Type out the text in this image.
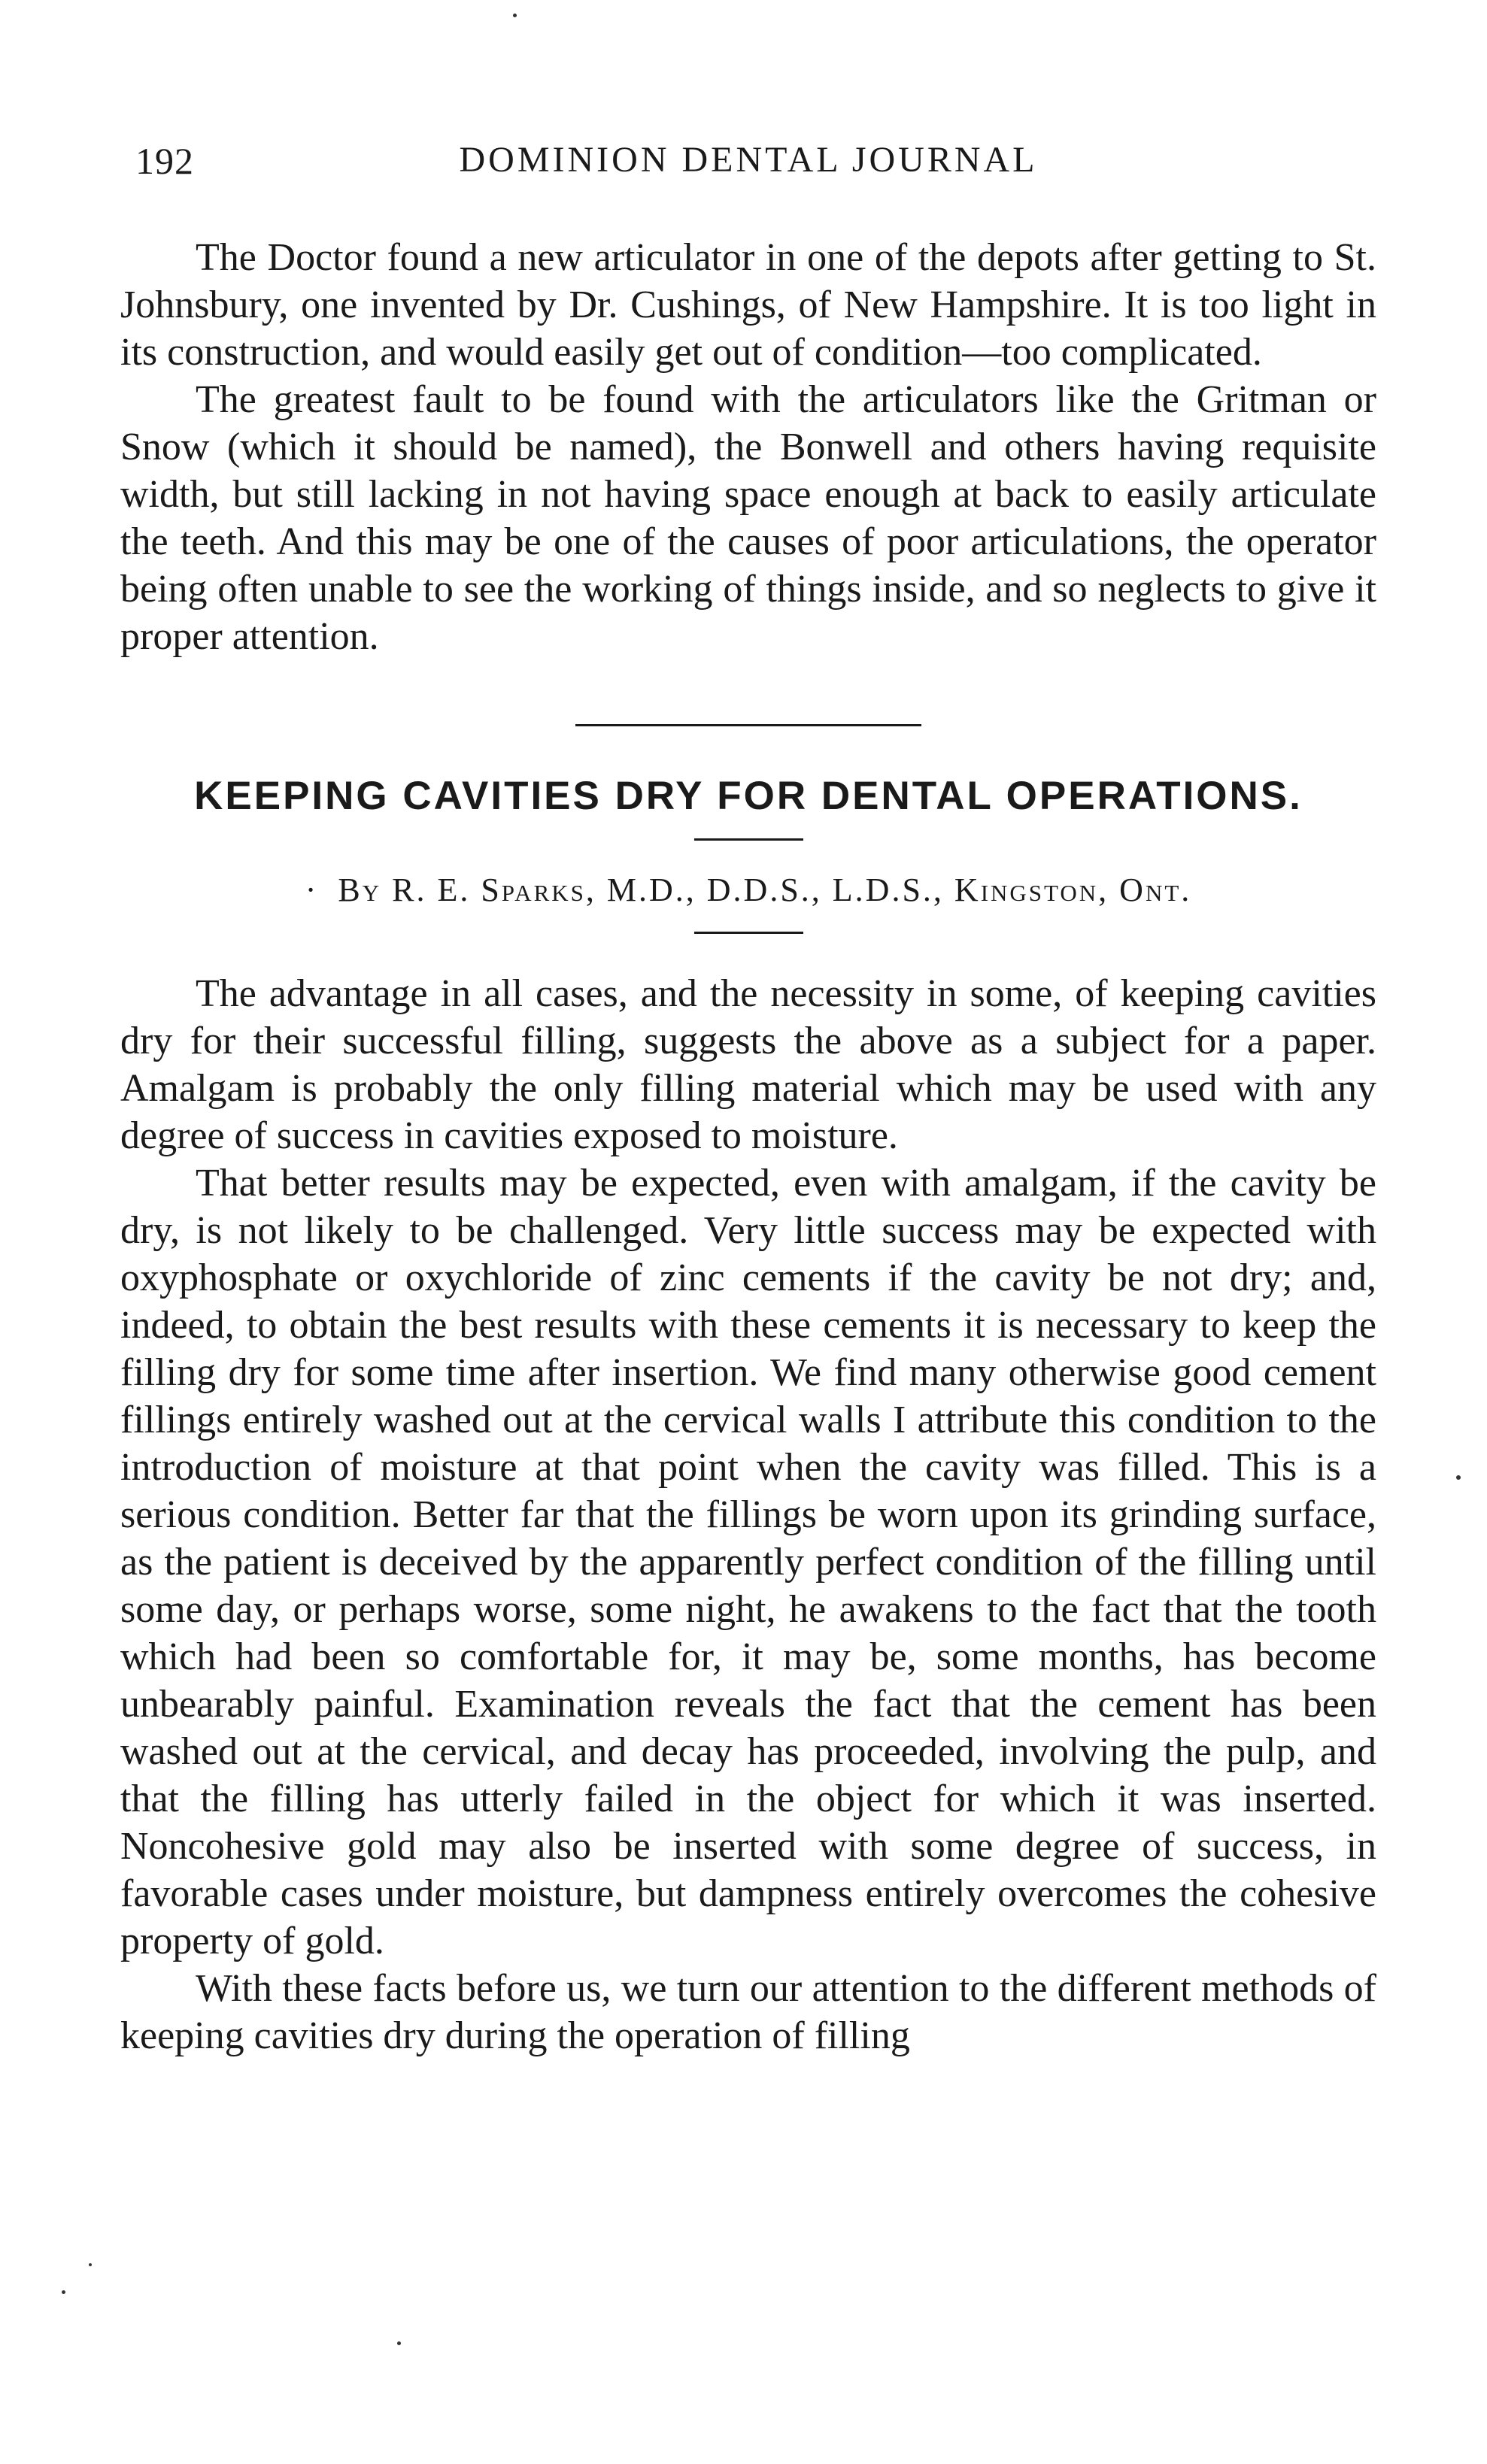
192	DOMINION DENTAL JOURNAL

The Doctor found a new articulator in one of the depots after getting to St. Johnsbury, one invented by Dr. Cushings, of New Hampshire. It is too light in its construction, and would easily get out of condition—too complicated.

The greatest fault to be found with the articulators like the Gritman or Snow (which it should be named), the Bonwell and others having requisite width, but still lacking in not having space enough at back to easily articulate the teeth. And this may be one of the causes of poor articulations, the operator being often unable to see the working of things inside, and so neglects to give it proper attention.

KEEPING CAVITIES DRY FOR DENTAL OPERATIONS.
· By R. E. Sparks, M.D., D.D.S., L.D.S., Kingston, Ont.

The advantage in all cases, and the necessity in some, of keeping cavities dry for their successful filling, suggests the above as a subject for a paper. Amalgam is probably the only filling material which may be used with any degree of success in cavities exposed to moisture.

That better results may be expected, even with amalgam, if the cavity be dry, is not likely to be challenged. Very little success may be expected with oxyphosphate or oxychloride of zinc cements if the cavity be not dry; and, indeed, to obtain the best results with these cements it is necessary to keep the filling dry for some time after insertion. We find many otherwise good cement fillings entirely washed out at the cervical walls I attribute this condition to the introduction of moisture at that point when the cavity was filled. This is a serious condition. Better far that the fillings be worn upon its grinding surface, as the patient is deceived by the apparently perfect condition of the filling until some day, or perhaps worse, some night, he awakens to the fact that the tooth which had been so comfortable for, it may be, some months, has become unbearably painful. Examination reveals the fact that the cement has been washed out at the cervical, and decay has proceeded, involving the pulp, and that the filling has utterly failed in the object for which it was inserted. Noncohesive gold may also be inserted with some degree of success, in favorable cases under moisture, but dampness entirely overcomes the cohesive property of gold.

With these facts before us, we turn our attention to the different methods of keeping cavities dry during the operation of filling
